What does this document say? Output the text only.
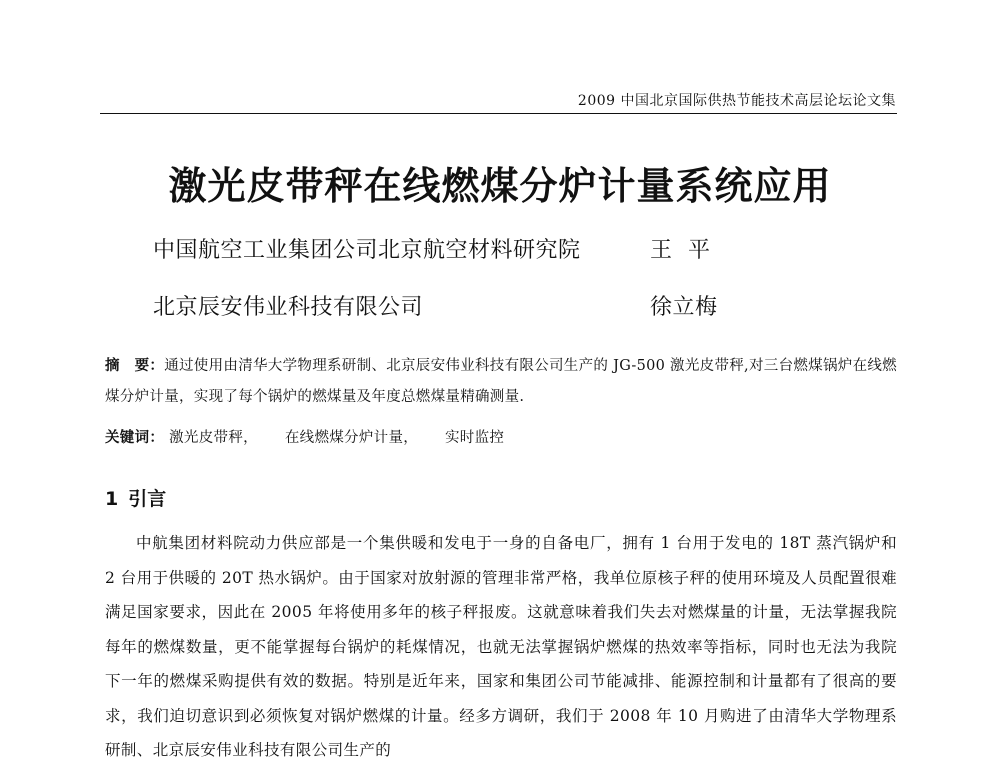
2009 中国北京国际供热节能技术高层论坛论文集
激光皮带秤在线燃煤分炉计量系统应用
中国航空工业集团公司北京航空材料研究院	王平
北京辰安伟业科技有限公司	徐立梅
摘　要：通过使用由清华大学物理系研制、北京辰安伟业科技有限公司生产的 JG-500 激光皮带秤,对三台燃煤锅炉在线燃煤分炉计量，实现了每个锅炉的燃煤量及年度总燃煤量精确测量.
关键词： 激光皮带秤， 在线燃煤分炉计量， 实时监控
1 引言
中航集团材料院动力供应部是一个集供暖和发电于一身的自备电厂，拥有 1 台用于发电的 18T 蒸汽锅炉和 2 台用于供暖的 20T 热水锅炉。由于国家对放射源的管理非常严格，我单位原核子秤的使用环境及人员配置很难满足国家要求，因此在 2005 年将使用多年的核子秤报废。这就意味着我们失去对燃煤量的计量，无法掌握我院每年的燃煤数量，更不能掌握每台锅炉的耗煤情况，也就无法掌握锅炉燃煤的热效率等指标，同时也无法为我院下一年的燃煤采购提供有效的数据。特别是近年来，国家和集团公司节能减排、能源控制和计量都有了很高的要求，我们迫切意识到必须恢复对锅炉燃煤的计量。经多方调研，我们于 2008 年 10 月购进了由清华大学物理系研制、北京辰安伟业科技有限公司生产的
